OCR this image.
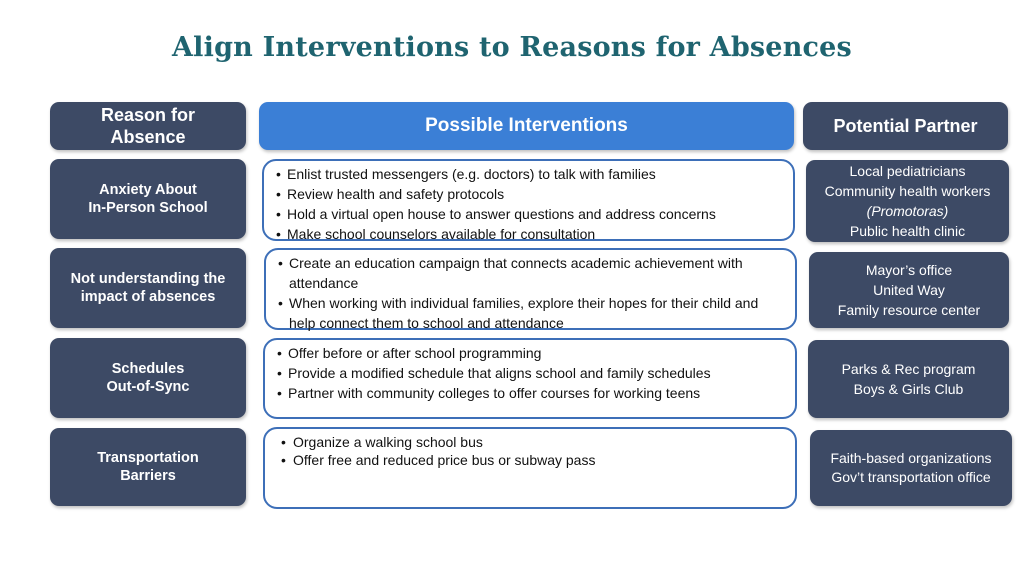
Align Interventions to Reasons for Absences
Reason for
Absence
Possible Interventions	Potential Partner
Anxiety About
In-Person School
• Enlist trusted messengers (e.g. doctors) to talk with families
• Review health and safety protocols
• Hold a virtual open house to answer questions and address concerns
• Make school counselors available for consultation
Local pediatricians
Community health workers
(Promotoras)
Public health clinic
Not understanding the
impact of absences
• Create an education campaign that connects academic achievement with attendance
• When working with individual families, explore their hopes for their child and help connect them to school and attendance
Mayor’s office
United Way
Family resource center
Schedules
Out-of-Sync
• Offer before or after school programming
• Provide a modified schedule that aligns school and family schedules
• Partner with community colleges to offer courses for working teens
Parks & Rec program
Boys & Girls Club
Transportation
Barriers
• Organize a walking school bus
• Offer free and reduced price bus or subway pass	Faith-based organizations
Gov’t transportation office
